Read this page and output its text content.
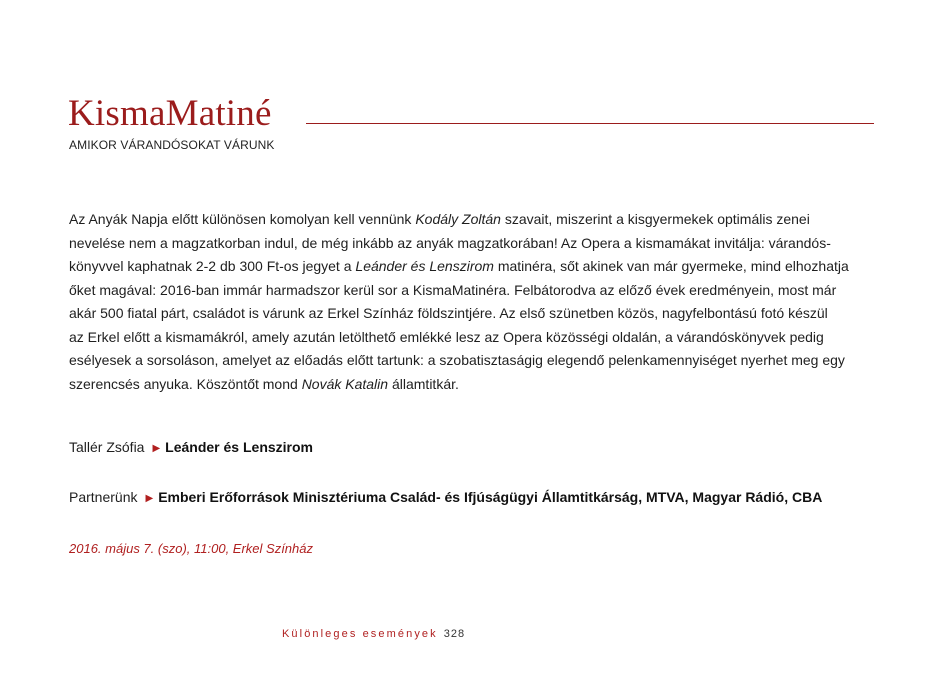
KismaMatiné
AMIKOR VÁRANDÓSOKAT VÁRUNK
Az Anyák Napja előtt különösen komolyan kell vennünk Kodály Zoltán szavait, miszerint a kisgyermekek optimális zenei
nevelése nem a magzatkorban indul, de még inkább az anyák magzatkorában! Az Opera a kismamákat invitálja: várandós-
könyvvel kaphatnak 2-2 db 300 Ft-os jegyet a Leánder és Lenszirom matinéra, sőt akinek van már gyermeke, mind elhozhatja
őket magával: 2016-ban immár harmadszor kerül sor a KismaMatinéra. Felbátorodva az előző évek eredményein, most már
akár 500 fiatal párt, családot is várunk az Erkel Színház földszintjére. Az első szünetben közös, nagyfelbontású fotó készül
az Erkel előtt a kismamákról, amely azután letölthető emlékké lesz az Opera közösségi oldalán, a várandóskönyvek pedig
esélyesek a sorsoláson, amelyet az előadás előtt tartunk: a szobatisztaságig elegendő pelenkamennyiséget nyerhet meg egy
szerencsés anyuka. Köszöntőt mond Novák Katalin államtitkár.
Tallér Zsófia ▶ Leánder és Lenszirom
Partnerünk ▶ Emberi Erőforrások Minisztériuma Család- és Ifjúságügyi Államtitkárság, MTVA, Magyar Rádió, CBA
2016. május 7. (szo), 11:00, Erkel Színház
Különleges események 328
